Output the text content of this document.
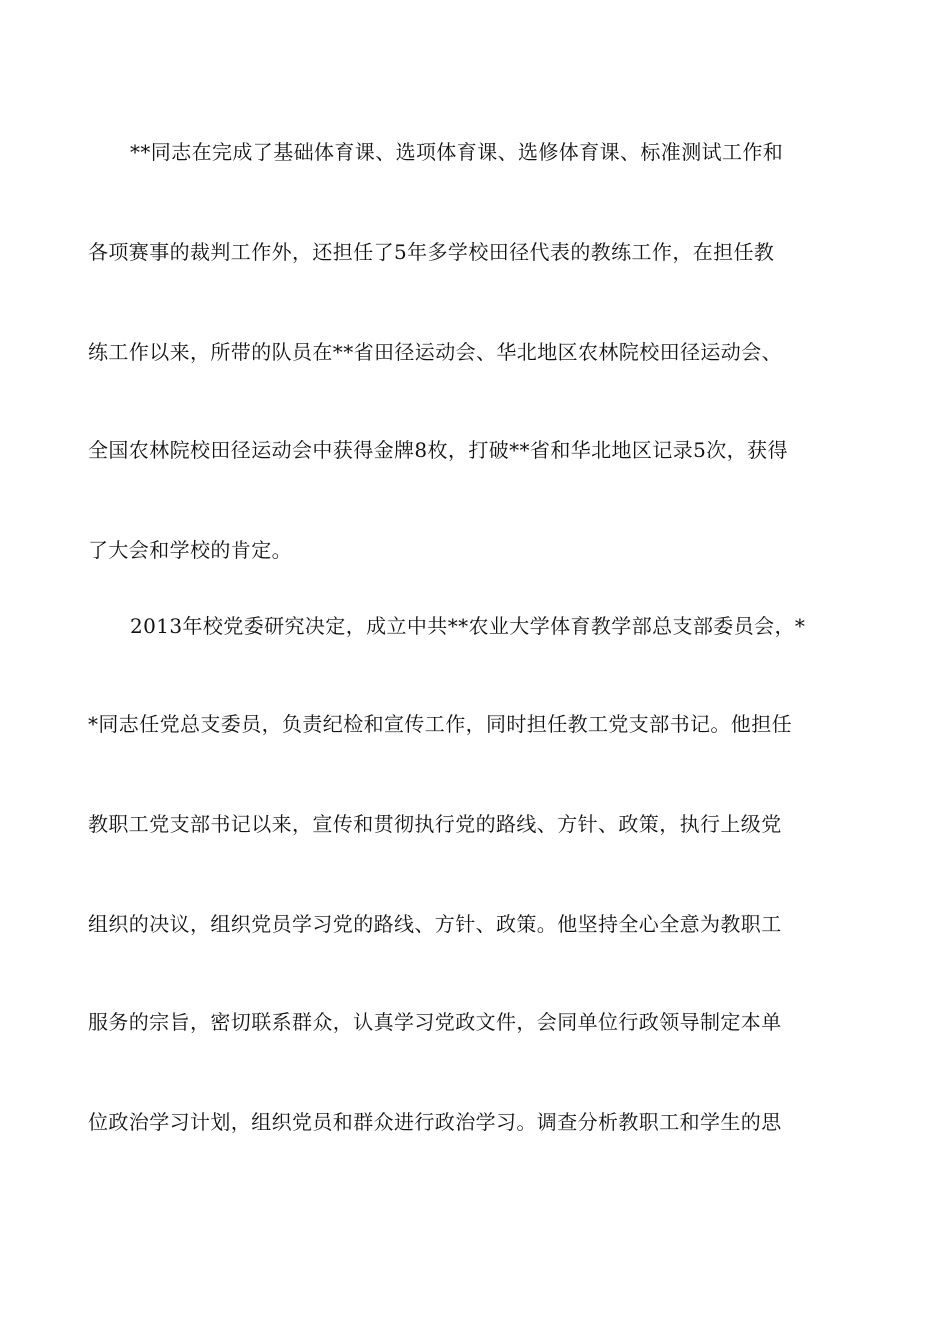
**同志在完成了基础体育课、选项体育课、选修体育课、标准测试工作和
各项赛事的裁判工作外，还担任了5年多学校田径代表的教练工作，在担任教
练工作以来，所带的队员在**省田径运动会、华北地区农林院校田径运动会、
全国农林院校田径运动会中获得金牌8枚，打破**省和华北地区记录5次，获得
了大会和学校的肯定。
2013年校党委研究决定，成立中共**农业大学体育教学部总支部委员会，*
*同志任党总支委员，负责纪检和宣传工作，同时担任教工党支部书记。他担任
教职工党支部书记以来，宣传和贯彻执行党的路线、方针、政策，执行上级党
组织的决议，组织党员学习党的路线、方针、政策。他坚持全心全意为教职工
服务的宗旨，密切联系群众，认真学习党政文件，会同单位行政领导制定本单
位政治学习计划，组织党员和群众进行政治学习。调查分析教职工和学生的思
